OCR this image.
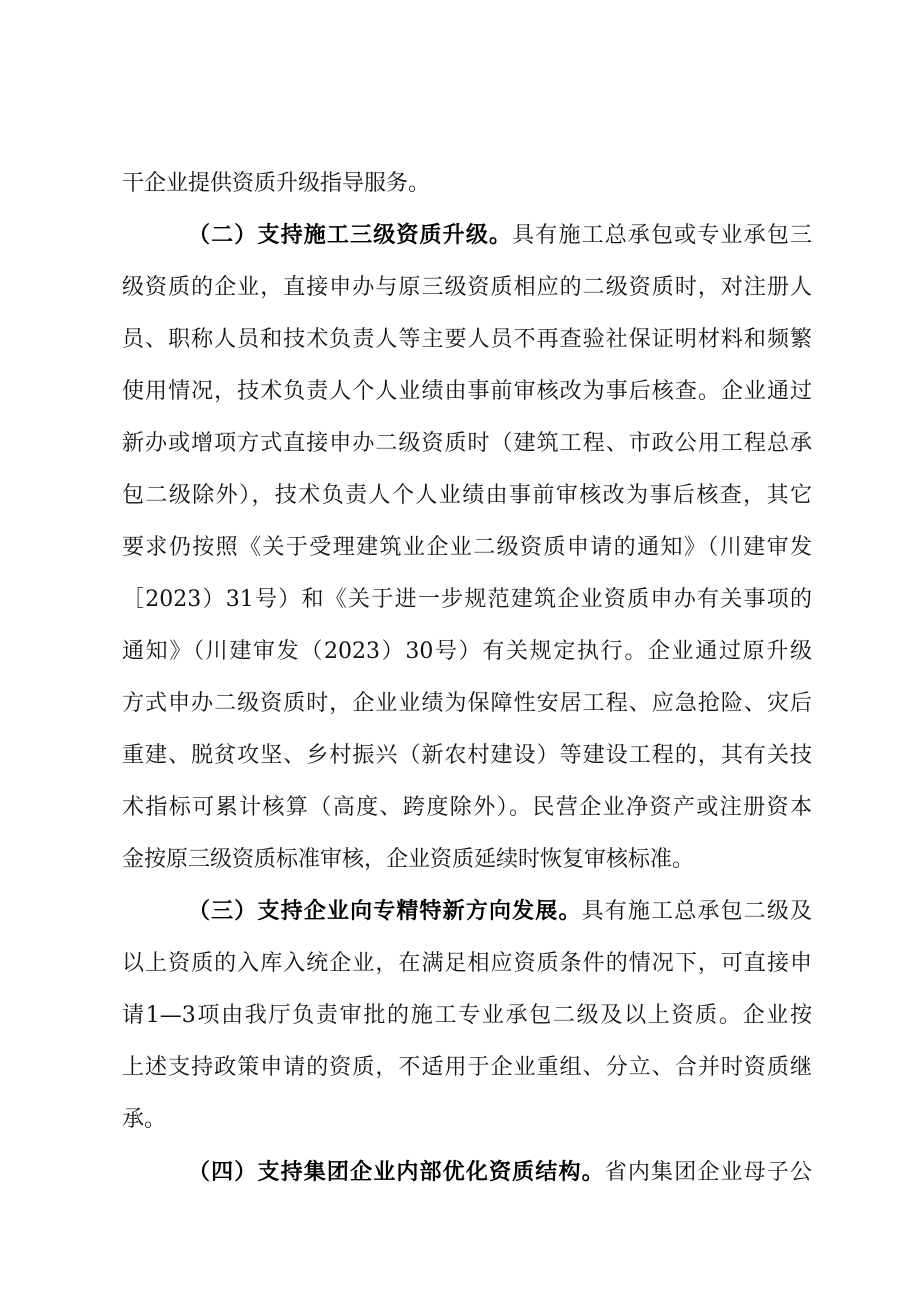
干企业提供资质升级指导服务。
（二）支持施工三级资质升级。具有施工总承包或专业承包三
级资质的企业，直接申办与原三级资质相应的二级资质时，对注册人
员、职称人员和技术负责人等主要人员不再查验社保证明材料和频繁
使用情况，技术负责人个人业绩由事前审核改为事后核查。企业通过
新办或增项方式直接申办二级资质时（建筑工程、市政公用工程总承
包二级除外），技术负责人个人业绩由事前审核改为事后核查，其它
要求仍按照《关于受理建筑业企业二级资质申请的通知》（川建审发
［2023）31号）和《关于进一步规范建筑企业资质申办有关事项的
通知》（川建审发（2023）30号）有关规定执行。企业通过原升级
方式申办二级资质时，企业业绩为保障性安居工程、应急抢险、灾后
重建、脱贫攻坚、乡村振兴（新农村建设）等建设工程的，其有关技
术指标可累计核算（高度、跨度除外）。民营企业净资产或注册资本
金按原三级资质标准审核，企业资质延续时恢复审核标准。
（三）支持企业向专精特新方向发展。具有施工总承包二级及
以上资质的入库入统企业，在满足相应资质条件的情况下，可直接申
请1—3项由我厅负责审批的施工专业承包二级及以上资质。企业按
上述支持政策申请的资质，不适用于企业重组、分立、合并时资质继
承。
（四）支持集团企业内部优化资质结构。省内集团企业母子公
